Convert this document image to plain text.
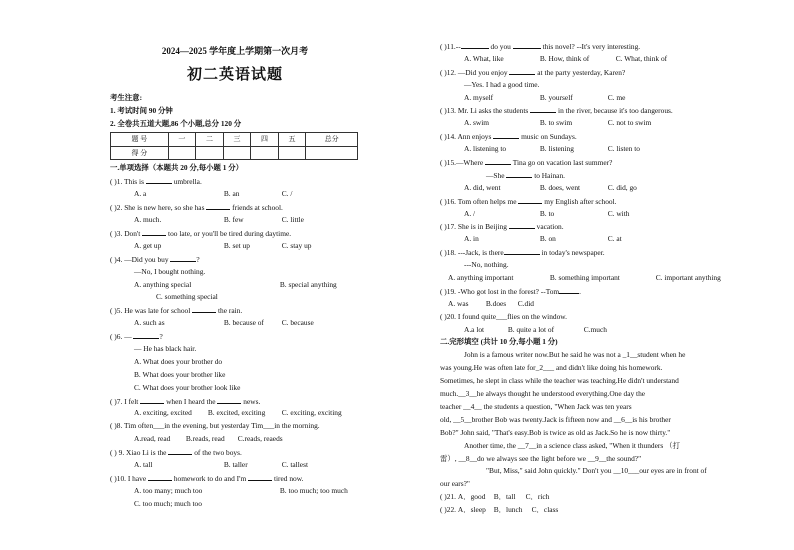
2024—2025 学年度上学期第一次月考
初二英语试题
考生注意:
1. 考试时间 90 分钟
2. 全卷共五道大题,86 个小题,总分 120 分
题 号	一	二	三	四	五	总分
得 分						
一.单项选择（本题共 20 分,每小题 1 分）
( )1. This is	umbrella.
A. a	B. an	C. /
( )2. She is new here, so she has	friends at school.
A. much.	B. few	C. little
( )3. Don't	too late, or you'll be tired during daytime.
A. get up	B. set up	C. stay up
( )4. —Did you buy	?
—No, I bought nothing.
A. anything special	B. special anything
C. something special
( )5. He was late for school	the rain.
A. such as	B. because of C. because
( )6. —	?
— He has black hair.
A. What does your brother do
B. What does your brother like
C. What does your brother look like
( )7. I felt	when I heard the	news.
A. exciting, excited B. excited, exciting C. exciting, exciting
( )8. Tim often___in the evening, but yesterday Tim___in the morning.
A.read, read B.reads, read C.reads, reaeds
( ) 9. Xiao Li is the	of the two boys.
A. tall	B. taller	C. tallest
( )10. I have	homework to do and I'm	tired now.
A. too many; much too	B. too much; too much
C. too much; much too
( )11.--	do you	this novel? --It's very interesting.
A. What, like	B. How, think of	C. What, think of
( )12. —Did you enjoy	at the party yesterday, Karen?
—Yes. I had a good time.
A. myself	B. yourself	C. me
( )13. Mr. Li asks the students	in the river, because it's too dangerous.
A. swim	B. to swim	C. not to swim
( )14. Ann enjoys	music on Sundays.
A. listening to	B. listening	C. listen to
( )15.—Where	Tina go on vacation last summer?
—She	to Hainan.
A. did, went	B. does, went	C. did, go
( )16. Tom often helps me	my English after school.
A. /	B. to	C. with
( )17. She is in Beijing	vacation.
A. in	B. on	C. at
( )18. ---Jack, is there	in today's newspaper.
---No, nothing.
A. anything important	B. something important	C. important anything
( )19. -Who got lost in the forest? --Tom	.
A. was B.does C.did
( )20. I found quite___flies on the window.
A.a lot	B. quite a lot of	C.much
二.完形填空 (共计 10 分,每小题 1 分)
John is a famous writer now.But he said he was not a _1__student when he
was young.He was often late for_2___ and didn't like doing his homework.
Sometimes, he slept in class while the teacher was teaching.He didn't understand
much.__3__he always thought he understood everything.One day the
teacher __4__ the students a question, "When Jack was ten years
old, __5__brother Bob was twenty.Jack is fifteen now and __6__is his brother
Bob?" John said, "That's easy.Bob is twice as old as Jack.So he is now thirty."
Another time, the __7__in a science class asked, "When it thunders （打
雷）, __8__do we always see the light before we __9__the sound?"
"But, Miss," said John quickly." Don't you __10___our eyes are in front of
our ears?"
( )21. A．good B．tall C．rich
( )22. A．sleep B．lunch C．class
